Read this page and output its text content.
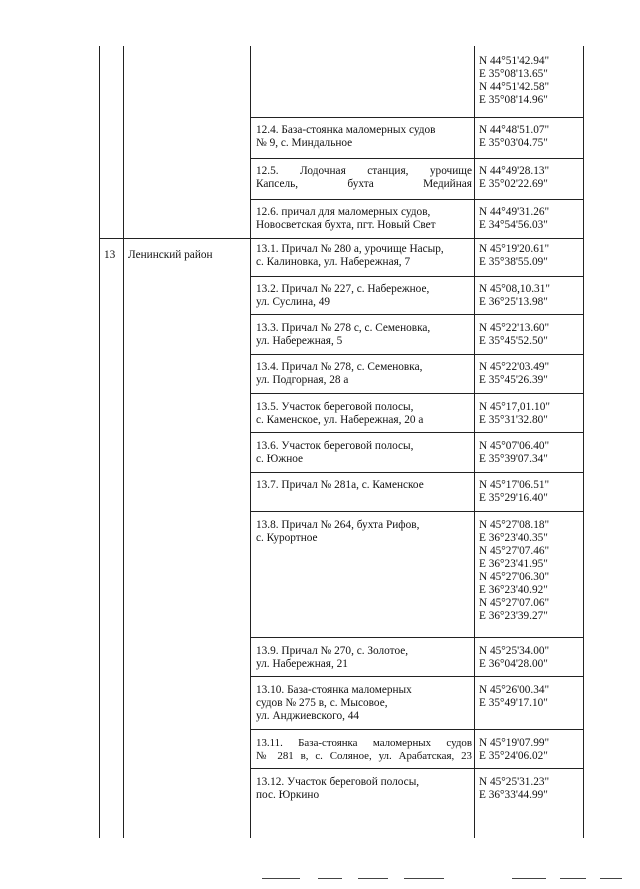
13 Ленинский район
N 44°51'42.94"
E 35°08'13.65"
N 44°51'42.58"
E 35°08'14.96"
12.4. База-стоянка маломерных судов
№ 9, с. Миндальное
N 44°48'51.07"
E 35°03'04.75"
12.5. Лодочная станция, урочище
Капсель, бухта Медийная
N 44°49'28.13"
E 35°02'22.69"
12.6. причал для маломерных судов,
Новосветская бухта, пгт. Новый Свет
N 44°49'31.26"
E 34°54'56.03"
13.1. Причал № 280 а, урочище Насыр,
с. Калиновка, ул. Набережная, 7
N 45°19'20.61"
E 35°38'55.09"
13.2. Причал № 227, с. Набережное,
ул. Суслина, 49
N 45°08,10.31"
E 36°25'13.98"
13.3. Причал № 278 с, с. Семеновка,
ул. Набережная, 5
N 45°22'13.60"
E 35°45'52.50"
13.4. Причал № 278, с. Семеновка,
ул. Подгорная, 28 а
N 45°22'03.49"
E 35°45'26.39"
13.5. Участок береговой полосы,
с. Каменское, ул. Набережная, 20 а
N 45°17,01.10"
E 35°31'32.80"
13.6. Участок береговой полосы,
с. Южное
N 45°07'06.40"
E 35°39'07.34"
13.7. Причал № 281а, с. Каменское	N 45°17'06.51"
E 35°29'16.40"
13.8. Причал № 264, бухта Рифов,
с. Курортное
N 45°27'08.18"
E 36°23'40.35"
N 45°27'07.46"
E 36°23'41.95"
N 45°27'06.30"
E 36°23'40.92"
N 45°27'07.06"
E 36°23'39.27"
13.9. Причал № 270, с. Золотое,
ул. Набережная, 21
N 45°25'34.00"
E 36°04'28.00"
13.10. База-стоянка маломерных
судов № 275 в, с. Мысовое,
ул. Анджиевского, 44
N 45°26'00.34"
E 35°49'17.10"
13.11. База-стоянка маломерных судов
№ 281 в, с. Соляное, ул. Арабатская, 23
N 45°19'07.99"
E 35°24'06.02"
13.12. Участок береговой полосы,
пос. Юркино
N 45°25'31.23"
E 36°33'44.99"
